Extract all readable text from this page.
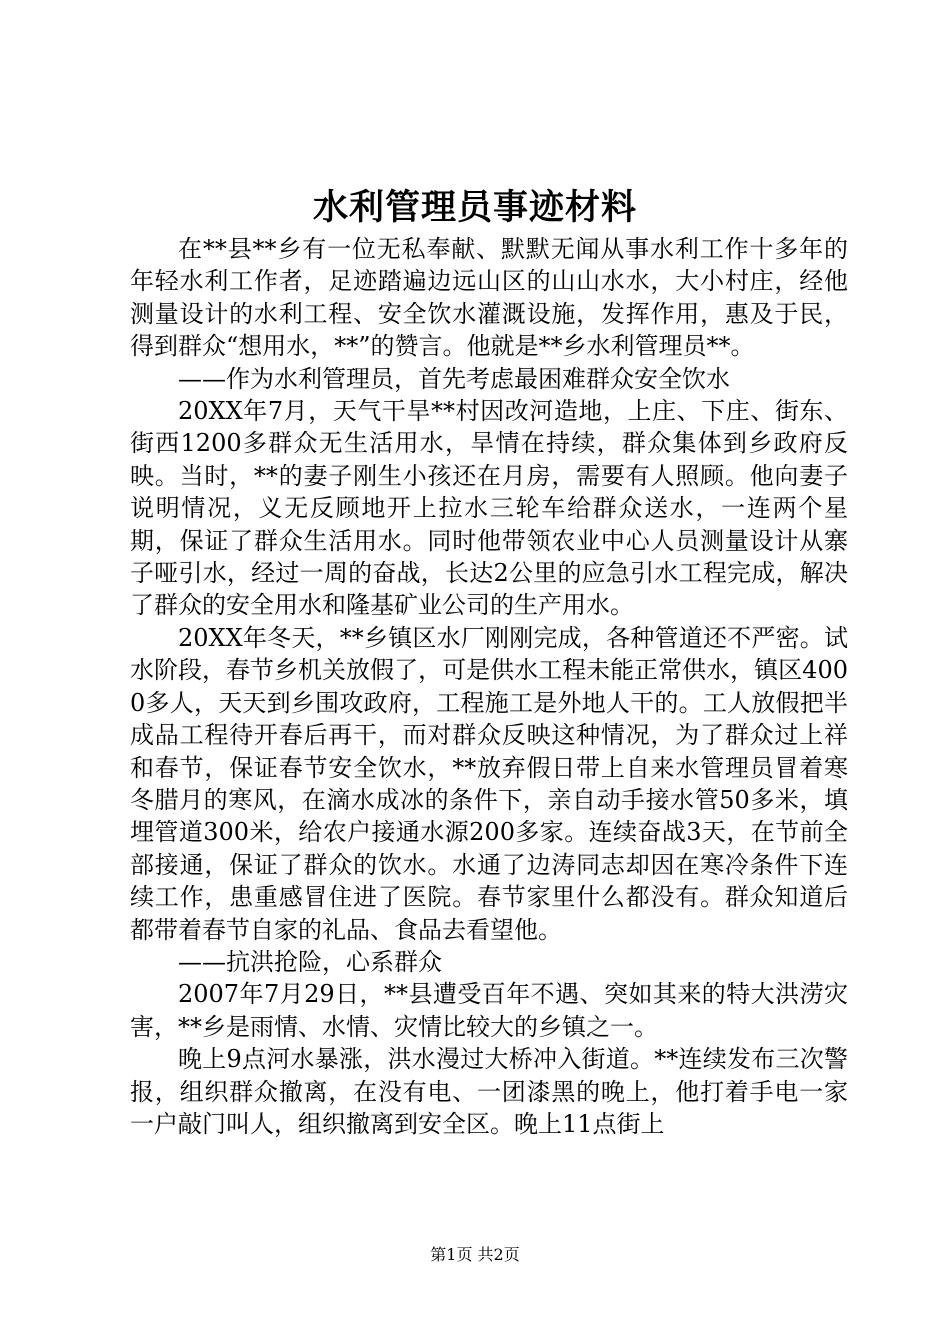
水利管理员事迹材料

在**县**乡有一位无私奉献、默默无闻从事水利工作十多年的年轻水利工作者，足迹踏遍边远山区的山山水水，大小村庄，经他测量设计的水利工程、安全饮水灌溉设施，发挥作用，惠及于民，得到群众“想用水，**”的赞言。他就是**乡水利管理员**。

——作为水利管理员，首先考虑最困难群众安全饮水

20XX年7月，天气干旱**村因改河造地，上庄、下庄、街东、街西1200多群众无生活用水，旱情在持续，群众集体到乡政府反映。当时，**的妻子刚生小孩还在月房，需要有人照顾。他向妻子说明情况，义无反顾地开上拉水三轮车给群众送水，一连两个星期，保证了群众生活用水。同时他带领农业中心人员测量设计从寨子哑引水，经过一周的奋战，长达2公里的应急引水工程完成，解决了群众的安全用水和隆基矿业公司的生产用水。

20XX年冬天，**乡镇区水厂刚刚完成，各种管道还不严密。试水阶段，春节乡机关放假了，可是供水工程未能正常供水，镇区4000多人，天天到乡围攻政府，工程施工是外地人干的。工人放假把半成品工程待开春后再干，而对群众反映这种情况，为了群众过上祥和春节，保证春节安全饮水，**放弃假日带上自来水管理员冒着寒冬腊月的寒风，在滴水成冰的条件下，亲自动手接水管50多米，填埋管道300米，给农户接通水源200多家。连续奋战3天，在节前全部接通，保证了群众的饮水。水通了边涛同志却因在寒冷条件下连续工作，患重感冒住进了医院。春节家里什么都没有。群众知道后都带着春节自家的礼品、食品去看望他。

——抗洪抢险，心系群众

2007年7月29日，**县遭受百年不遇、突如其来的特大洪涝灾害，**乡是雨情、水情、灾情比较大的乡镇之一。

晚上9点河水暴涨，洪水漫过大桥冲入街道。**连续发布三次警报，组织群众撤离，在没有电、一团漆黑的晚上，他打着手电一家一户敲门叫人，组织撤离到安全区。晚上11点街上

第1页 共2页
